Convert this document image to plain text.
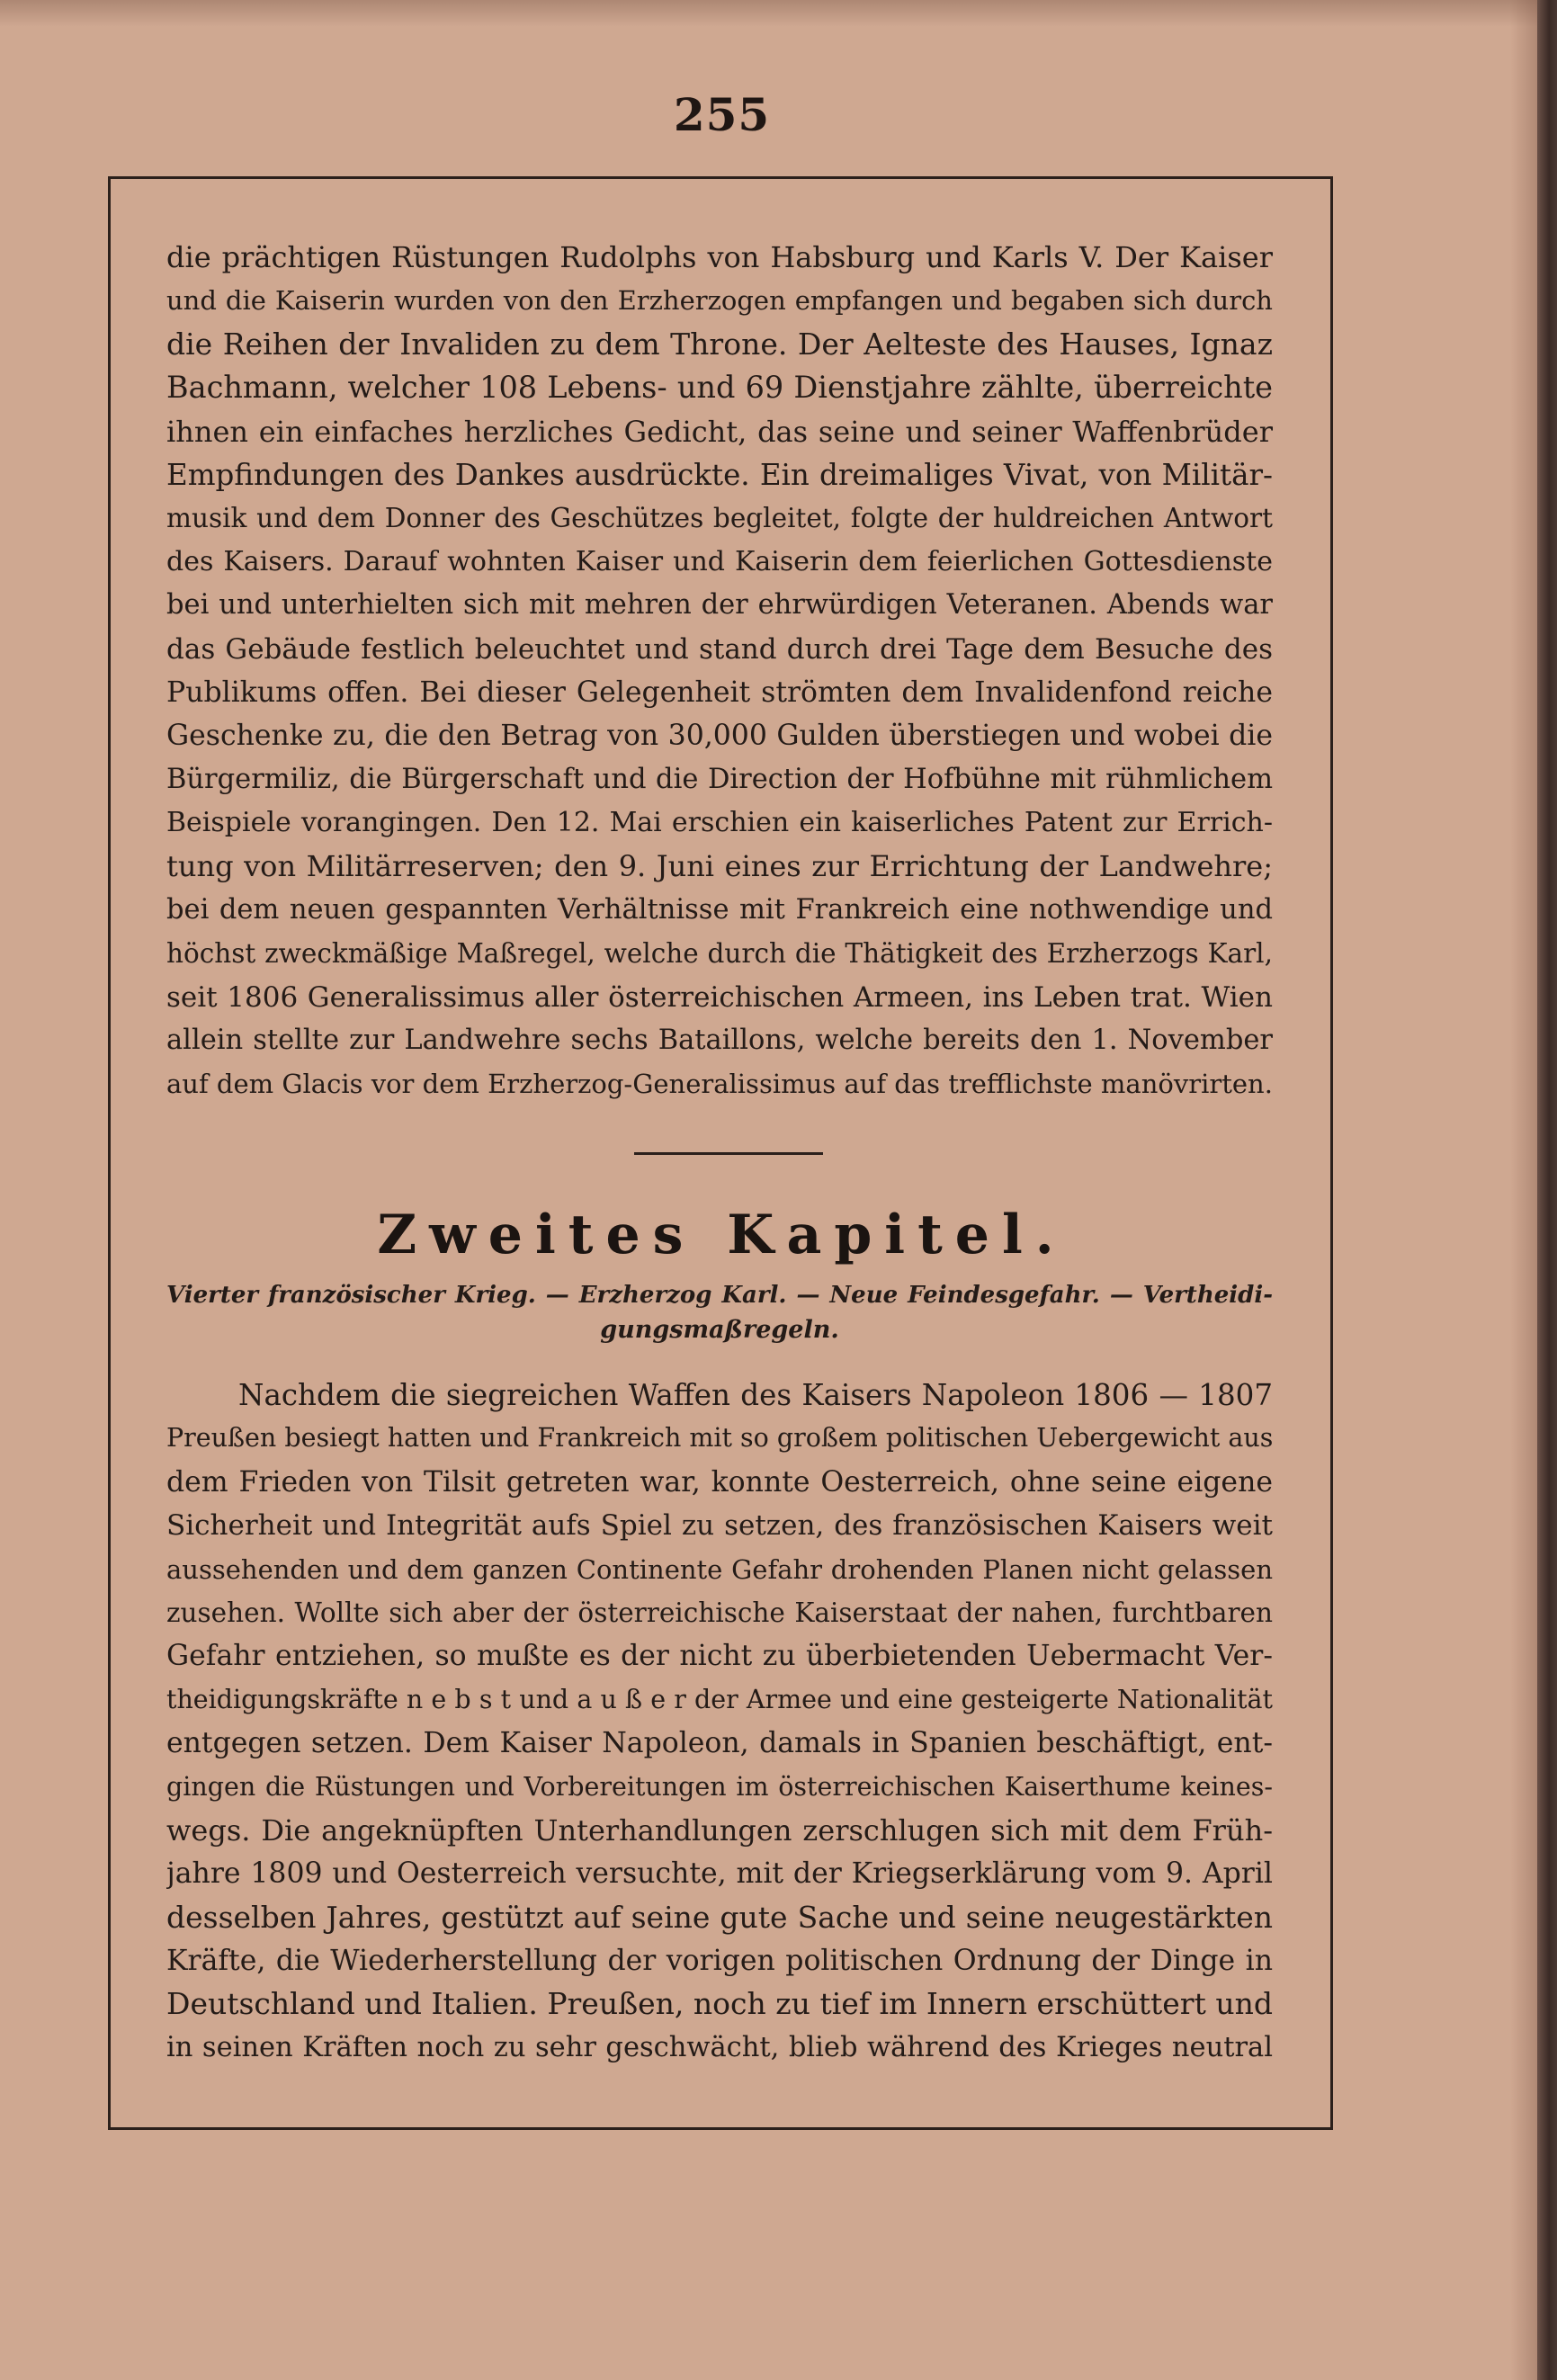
255
die prächtigen Rüstungen Rudolphs von Habsburg und Karls V. Der Kaiser
und die Kaiserin wurden von den Erzherzogen empfangen und begaben sich durch
die Reihen der Invaliden zu dem Throne. Der Aelteste des Hauses, Ignaz
Bachmann, welcher 108 Lebens- und 69 Dienstjahre zählte, überreichte
ihnen ein einfaches herzliches Gedicht, das seine und seiner Waffenbrüder
Empfindungen des Dankes ausdrückte. Ein dreimaliges Vivat, von Militär-
musik und dem Donner des Geschützes begleitet, folgte der huldreichen Antwort
des Kaisers. Darauf wohnten Kaiser und Kaiserin dem feierlichen Gottesdienste
bei und unterhielten sich mit mehren der ehrwürdigen Veteranen. Abends war
das Gebäude festlich beleuchtet und stand durch drei Tage dem Besuche des
Publikums offen. Bei dieser Gelegenheit strömten dem Invalidenfond reiche
Geschenke zu, die den Betrag von 30,000 Gulden überstiegen und wobei die
Bürgermiliz, die Bürgerschaft und die Direction der Hofbühne mit rühmlichem
Beispiele vorangingen. Den 12. Mai erschien ein kaiserliches Patent zur Errich-
tung von Militärreserven; den 9. Juni eines zur Errichtung der Landwehre;
bei dem neuen gespannten Verhältnisse mit Frankreich eine nothwendige und
höchst zweckmäßige Maßregel, welche durch die Thätigkeit des Erzherzogs Karl,
seit 1806 Generalissimus aller österreichischen Armeen, ins Leben trat. Wien
allein stellte zur Landwehre sechs Bataillons, welche bereits den 1. November
auf dem Glacis vor dem Erzherzog-Generalissimus auf das trefflichste manövrirten.
Zweites Kapitel.
Vierter französischer Krieg. — Erzherzog Karl. — Neue Feindesgefahr. — Vertheidi-
gungsmaßregeln.
Nachdem die siegreichen Waffen des Kaisers Napoleon 1806 — 1807
Preußen besiegt hatten und Frankreich mit so großem politischen Uebergewicht aus
dem Frieden von Tilsit getreten war, konnte Oesterreich, ohne seine eigene
Sicherheit und Integrität aufs Spiel zu setzen, des französischen Kaisers weit
aussehenden und dem ganzen Continente Gefahr drohenden Planen nicht gelassen
zusehen. Wollte sich aber der österreichische Kaiserstaat der nahen, furchtbaren
Gefahr entziehen, so mußte es der nicht zu überbietenden Uebermacht Ver-
theidigungskräfte n e b s t und a u ß e r der Armee und eine gesteigerte Nationalität
entgegen setzen. Dem Kaiser Napoleon, damals in Spanien beschäftigt, ent-
gingen die Rüstungen und Vorbereitungen im österreichischen Kaiserthume keines-
wegs. Die angeknüpften Unterhandlungen zerschlugen sich mit dem Früh-
jahre 1809 und Oesterreich versuchte, mit der Kriegserklärung vom 9. April
desselben Jahres, gestützt auf seine gute Sache und seine neugestärkten
Kräfte, die Wiederherstellung der vorigen politischen Ordnung der Dinge in
Deutschland und Italien. Preußen, noch zu tief im Innern erschüttert und
in seinen Kräften noch zu sehr geschwächt, blieb während des Krieges neutral
